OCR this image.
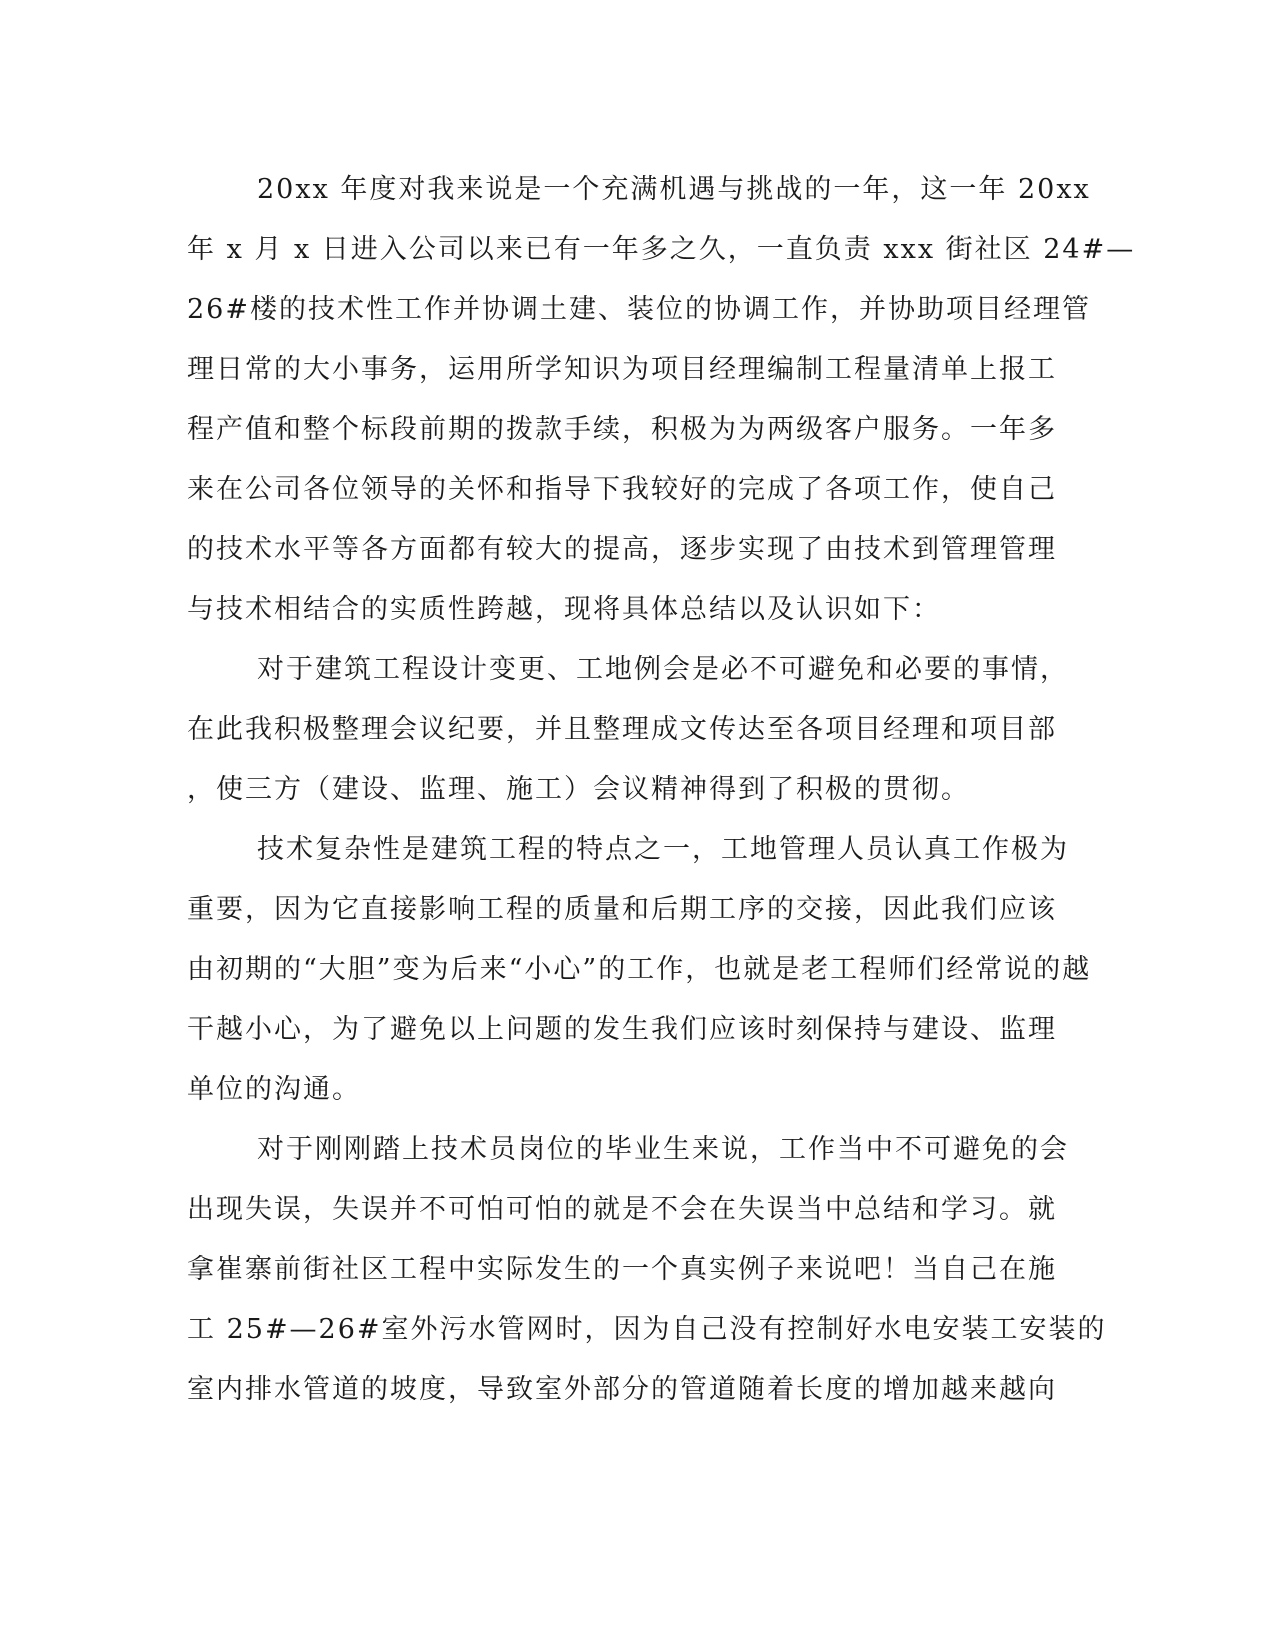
20xx 年度对我来说是一个充满机遇与挑战的一年，这一年 20xx
年 x 月 x 日进入公司以来已有一年多之久，一直负责 xxx 街社区 24#—
26#楼的技术性工作并协调土建、装位的协调工作，并协助项目经理管
理日常的大小事务，运用所学知识为项目经理编制工程量清单上报工
程产值和整个标段前期的拨款手续，积极为为两级客户服务。一年多
来在公司各位领导的关怀和指导下我较好的完成了各项工作，使自己
的技术水平等各方面都有较大的提高，逐步实现了由技术到管理管理
与技术相结合的实质性跨越，现将具体总结以及认识如下：
对于建筑工程设计变更、工地例会是必不可避免和必要的事情，
在此我积极整理会议纪要，并且整理成文传达至各项目经理和项目部
，使三方（建设、监理、施工）会议精神得到了积极的贯彻。
技术复杂性是建筑工程的特点之一，工地管理人员认真工作极为
重要，因为它直接影响工程的质量和后期工序的交接，因此我们应该
由初期的“大胆”变为后来“小心”的工作，也就是老工程师们经常说的越
干越小心，为了避免以上问题的发生我们应该时刻保持与建设、监理
单位的沟通。
对于刚刚踏上技术员岗位的毕业生来说，工作当中不可避免的会
出现失误，失误并不可怕可怕的就是不会在失误当中总结和学习。就
拿崔寨前街社区工程中实际发生的一个真实例子来说吧！当自己在施
工 25#—26#室外污水管网时，因为自己没有控制好水电安装工安装的
室内排水管道的坡度，导致室外部分的管道随着长度的增加越来越向
